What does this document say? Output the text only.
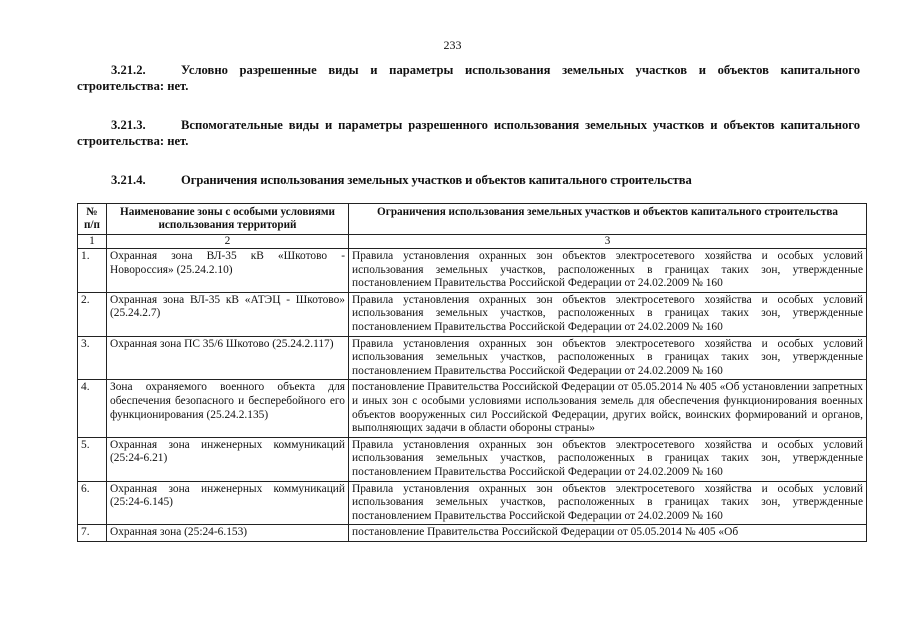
233
3.21.2.	Условно разрешенные виды и параметры использования земельных участков и объектов капитального строительства: нет.
3.21.3.	Вспомогательные виды и параметры разрешенного использования земельных участков и объектов капитального строительства: нет.
3.21.4.	Ограничения использования земельных участков и объектов капитального строительства
№ п/п	Наименование зоны с особыми условиями использования территорий	Ограничения использования земельных участков и объектов капитального строительства
1	2	3
1.	Охранная зона ВЛ-35 кВ «Шкотово - Новороссия» (25.24.2.10)	Правила установления охранных зон объектов электросетевого хозяйства и особых условий использования земельных участков, расположенных в границах таких зон, утвержденные постановлением Правительства Российской Федерации от 24.02.2009 № 160
2.	Охранная зона ВЛ-35 кВ «АТЭЦ - Шкотово» (25.24.2.7)	Правила установления охранных зон объектов электросетевого хозяйства и особых условий использования земельных участков, расположенных в границах таких зон, утвержденные постановлением Правительства Российской Федерации от 24.02.2009 № 160
3.	Охранная зона ПС 35/6 Шкотово (25.24.2.117)	Правила установления охранных зон объектов электросетевого хозяйства и особых условий использования земельных участков, расположенных в границах таких зон, утвержденные постановлением Правительства Российской Федерации от 24.02.2009 № 160
4.	Зона охраняемого военного объекта для обеспечения безопасного и бесперебойного его функционирования (25.24.2.135)	постановление Правительства Российской Федерации от 05.05.2014 № 405 «Об установлении запретных и иных зон с особыми условиями использования земель для обеспечения функционирования военных объектов вооруженных сил Российской Федерации, других войск, воинских формирований и органов, выполняющих задачи в области обороны страны»
5.	Охранная зона инженерных коммуникаций (25:24-6.21)	Правила установления охранных зон объектов электросетевого хозяйства и особых условий использования земельных участков, расположенных в границах таких зон, утвержденные постановлением Правительства Российской Федерации от 24.02.2009 № 160
6.	Охранная зона инженерных коммуникаций (25:24-6.145)	Правила установления охранных зон объектов электросетевого хозяйства и особых условий использования земельных участков, расположенных в границах таких зон, утвержденные постановлением Правительства Российской Федерации от 24.02.2009 № 160
7.	Охранная зона (25:24-6.153)	постановление Правительства Российской Федерации от 05.05.2014 № 405 «Об
